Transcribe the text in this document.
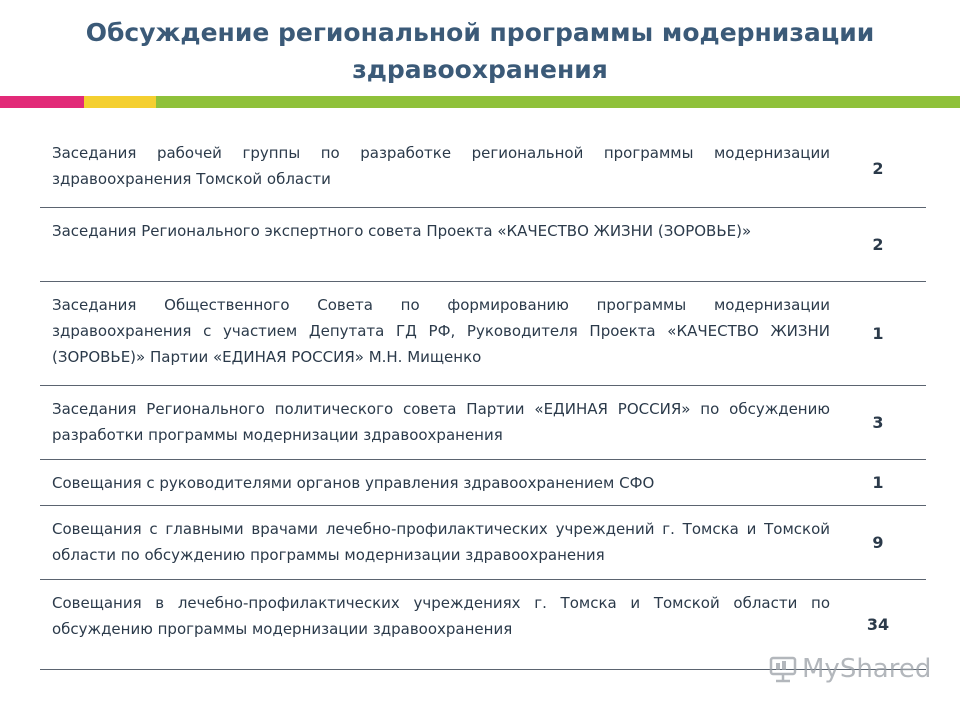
Обсуждение региональной программы модернизации здравоохранения
Заседания рабочей группы по разработке региональной программы модернизации здравоохранения Томской области
2
Заседания Регионального экспертного совета Проекта «КАЧЕСТВО ЖИЗНИ (ЗОРОВЬЕ)»
2
Заседания Общественного Совета по формированию программы модернизации здравоохранения с участием Депутата ГД РФ, Руководителя Проекта «КАЧЕСТВО ЖИЗНИ (ЗОРОВЬЕ)» Партии «ЕДИНАЯ РОССИЯ» М.Н. Мищенко
1
Заседания Регионального политического совета Партии «ЕДИНАЯ РОССИЯ» по обсуждению разработки программы модернизации здравоохранения
3
Совещания с руководителями органов управления здравоохранением СФО	1
Совещания с главными врачами лечебно-профилактических учреждений г. Томска и Томской области по обсуждению программы модернизации здравоохранения
9
Совещания в лечебно-профилактических учреждениях г. Томска и Томской области по обсуждению программы модернизации здравоохранения	34
MyShared
